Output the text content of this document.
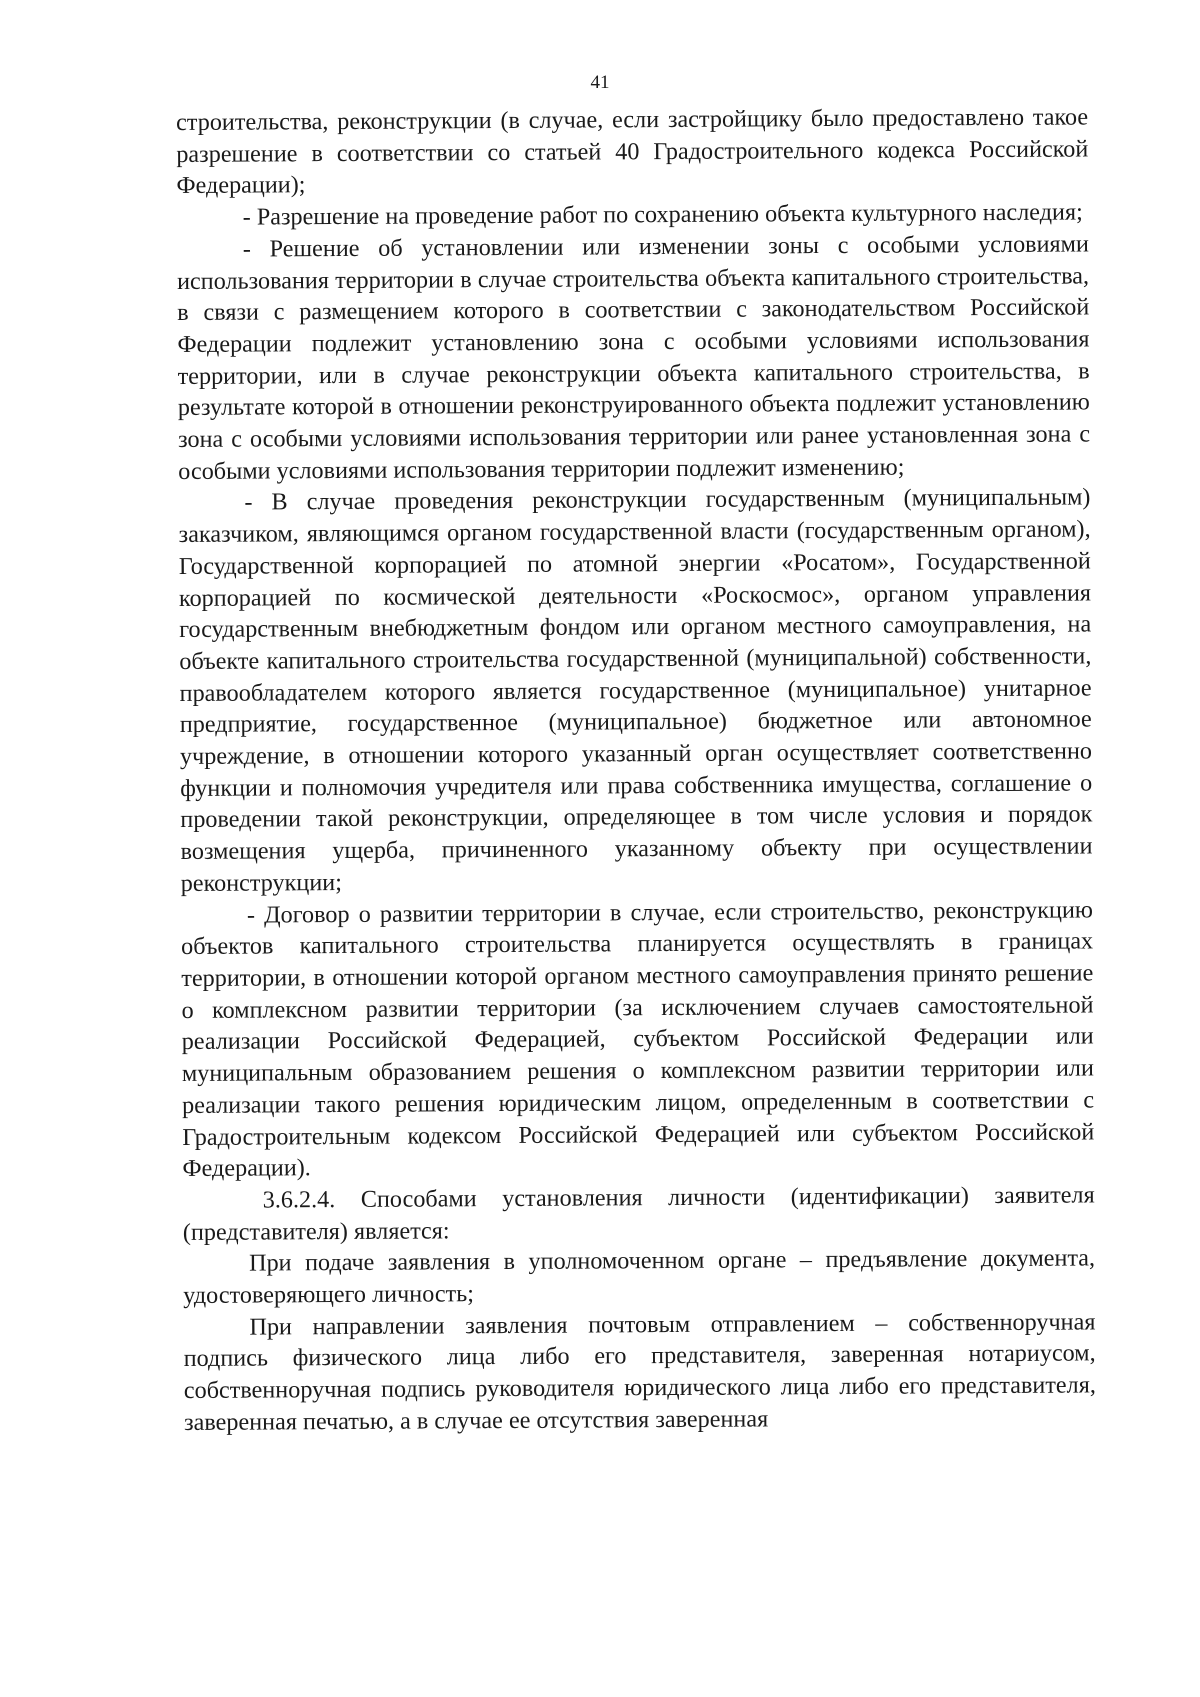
41

строительства, реконструкции (в случае, если застройщику было предоставлено такое разрешение в соответствии со статьей 40 Градостроительного кодекса Российской Федерации);

- Разрешение на проведение работ по сохранению объекта культурного наследия;

- Решение об установлении или изменении зоны с особыми условиями использования территории в случае строительства объекта капитального строительства, в связи с размещением которого в соответствии с законодательством Российской Федерации подлежит установлению зона с особыми условиями использования территории, или в случае реконструкции объекта капитального строительства, в результате которой в отношении реконструированного объекта подлежит установлению зона с особыми условиями использования территории или ранее установленная зона с особыми условиями использования территории подлежит изменению;

- В случае проведения реконструкции государственным (муниципальным) заказчиком, являющимся органом государственной власти (государственным органом), Государственной корпорацией по атомной энергии «Росатом», Государственной корпорацией по космической деятельности «Роскосмос», органом управления государственным внебюджетным фондом или органом местного самоуправления, на объекте капитального строительства государственной (муниципальной) собственности, правообладателем которого является государственное (муниципальное) унитарное предприятие, государственное (муниципальное) бюджетное или автономное учреждение, в отношении которого указанный орган осуществляет соответственно функции и полномочия учредителя или права собственника имущества, соглашение о проведении такой реконструкции, определяющее в том числе условия и порядок возмещения ущерба, причиненного указанному объекту при осуществлении реконструкции;

- Договор о развитии территории в случае, если строительство, реконструкцию объектов капитального строительства планируется осуществлять в границах территории, в отношении которой органом местного самоуправления принято решение о комплексном развитии территории (за исключением случаев самостоятельной реализации Российской Федерацией, субъектом Российской Федерации или муниципальным образованием решения о комплексном развитии территории или реализации такого решения юридическим лицом, определенным в соответствии с Градостроительным кодексом Российской Федерацией или субъектом Российской Федерации).

3.6.2.4. Способами установления личности (идентификации) заявителя (представителя) является:

При подаче заявления в уполномоченном органе – предъявление документа, удостоверяющего личность;

При направлении заявления почтовым отправлением – собственноручная подпись физического лица либо его представителя, заверенная нотариусом, собственноручная подпись руководителя юридического лица либо его представителя, заверенная печатью, а в случае ее отсутствия заверенная
